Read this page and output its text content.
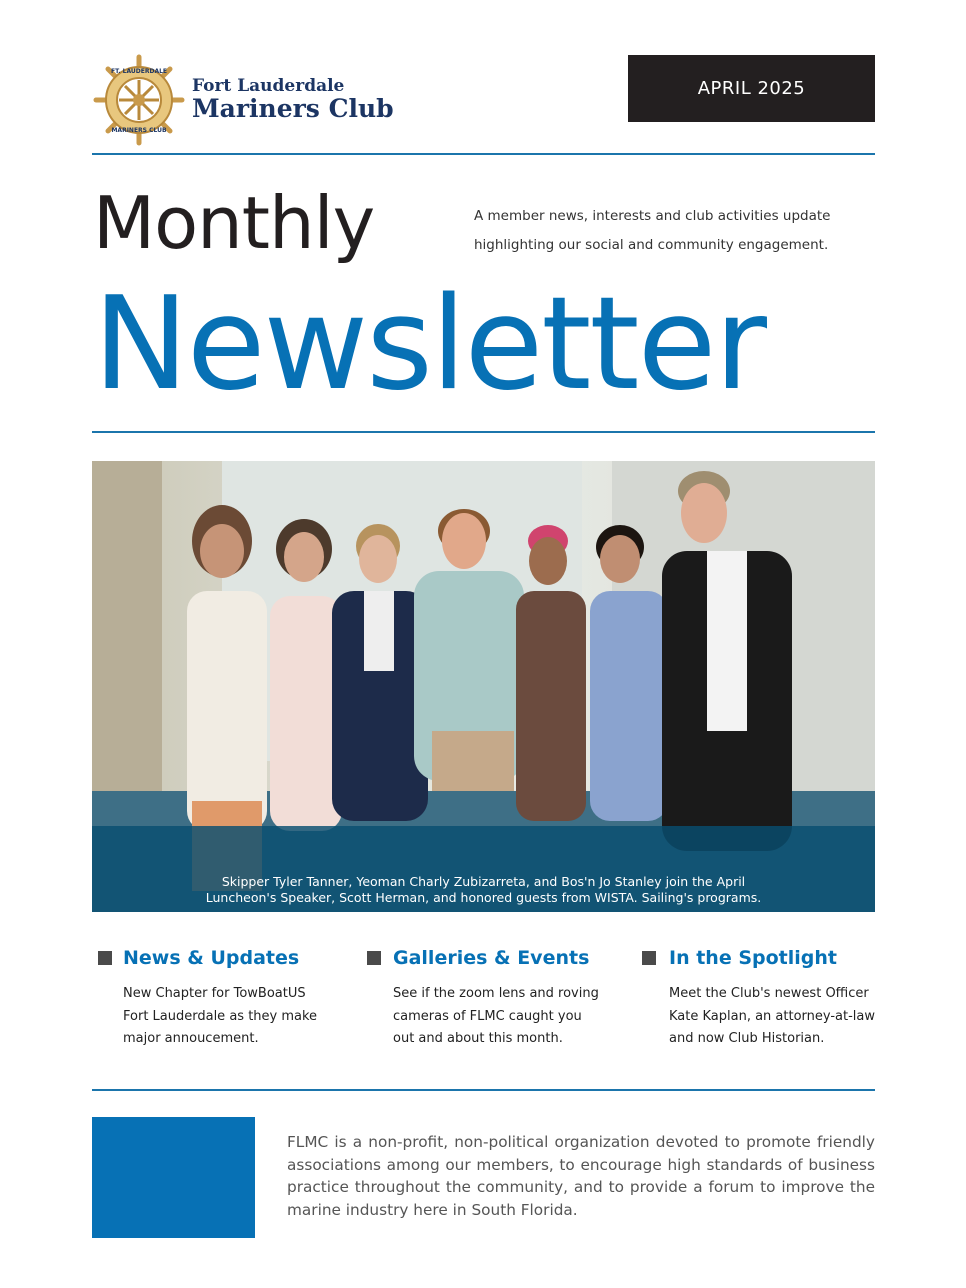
FT. LAUDERDALE
MARINERS CLUB
Fort Lauderdale
Mariners Club
APRIL 2025
Monthly	A member news, interests and club activities update
highlighting our social and community engagement.
Newsletter
Skipper Tyler Tanner, Yeoman Charly Zubizarreta, and Bos'n Jo Stanley join the April
Luncheon's Speaker, Scott Herman, and honored guests from WISTA. Sailing's programs.
News & Updates
New Chapter for TowBoatUS
Fort Lauderdale as they make
major annoucement.
Galleries & Events
See if the zoom lens and roving
cameras of FLMC caught you
out and about this month.
In the Spotlight
Meet the Club's newest Officer
Kate Kaplan, an attorney-at-law
and now Club Historian.
FLMC is a non-profit, non-political organization devoted to promote friendly associations among our members, to encourage high standards of business practice throughout the community, and to provide a forum to improve the marine industry here in South Florida.
